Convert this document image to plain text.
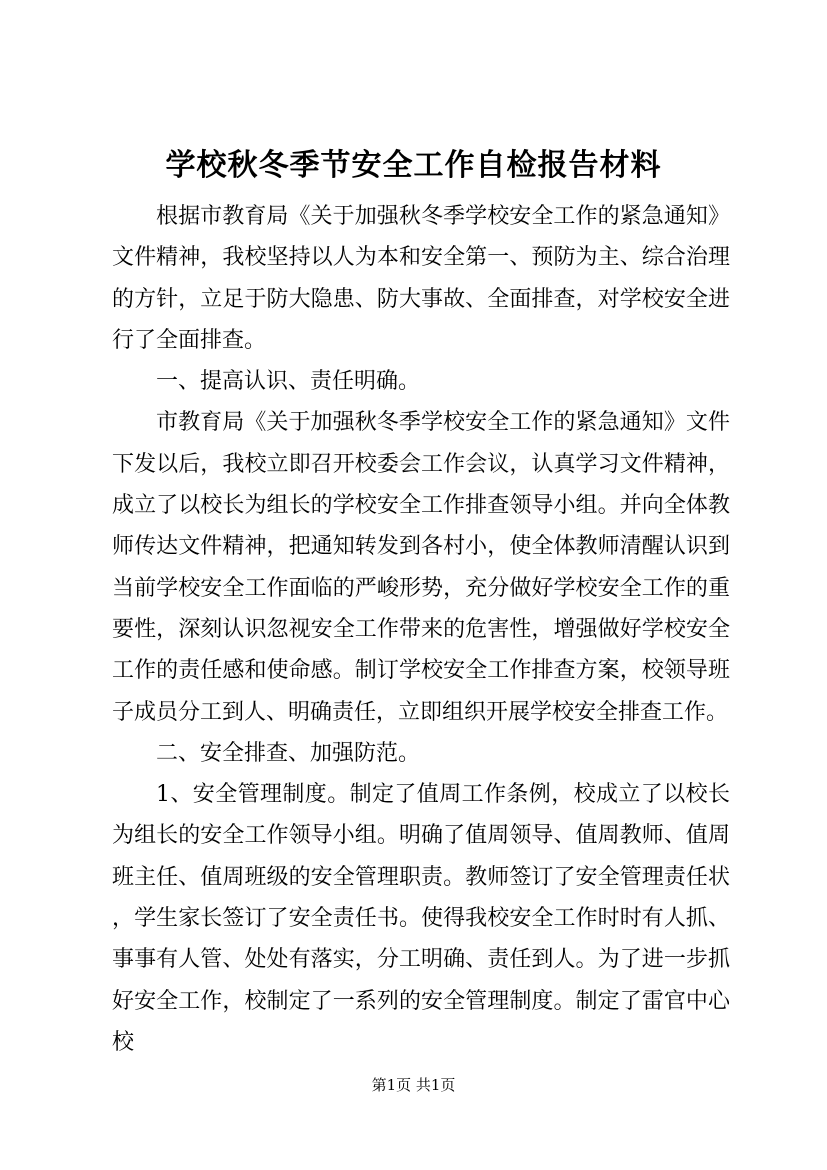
学校秋冬季节安全工作自检报告材料

根据市教育局《关于加强秋冬季学校安全工作的紧急通知》文件精神，我校坚持以人为本和安全第一、预防为主、综合治理的方针，立足于防大隐患、防大事故、全面排查，对学校安全进行了全面排查。

一、提高认识、责任明确。

市教育局《关于加强秋冬季学校安全工作的紧急通知》文件下发以后，我校立即召开校委会工作会议，认真学习文件精神，成立了以校长为组长的学校安全工作排查领导小组。并向全体教师传达文件精神，把通知转发到各村小，使全体教师清醒认识到当前学校安全工作面临的严峻形势，充分做好学校安全工作的重要性，深刻认识忽视安全工作带来的危害性，增强做好学校安全工作的责任感和使命感。制订学校安全工作排查方案，校领导班子成员分工到人、明确责任，立即组织开展学校安全排查工作。

二、安全排查、加强防范。

1、安全管理制度。制定了值周工作条例，校成立了以校长为组长的安全工作领导小组。明确了值周领导、值周教师、值周班主任、值周班级的安全管理职责。教师签订了安全管理责任状，学生家长签订了安全责任书。使得我校安全工作时时有人抓、事事有人管、处处有落实，分工明确、责任到人。为了进一步抓好安全工作，校制定了一系列的安全管理制度。制定了雷官中心校

第1页 共1页
